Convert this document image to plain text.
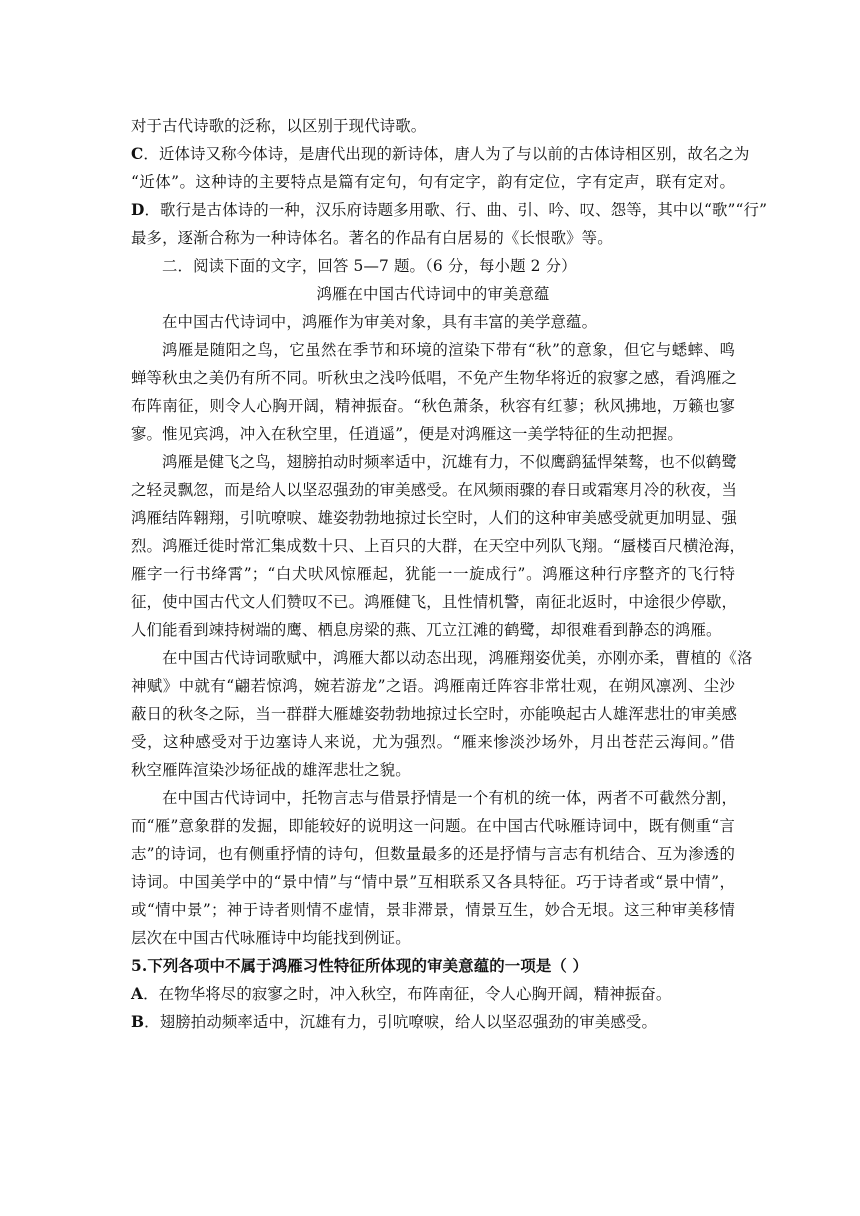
对于古代诗歌的泛称，以区别于现代诗歌。
C．近体诗又称今体诗，是唐代出现的新诗体，唐人为了与以前的古体诗相区别，故名之为
“近体”。这种诗的主要特点是篇有定句，句有定字，韵有定位，字有定声，联有定对。
D．歌行是古体诗的一种，汉乐府诗题多用歌、行、曲、引、吟、叹、怨等，其中以“歌”“行”
最多，逐渐合称为一种诗体名。著名的作品有白居易的《长恨歌》等。
二．阅读下面的文字，回答 5—7 题。（6 分，每小题 2 分）
鸿雁在中国古代诗词中的审美意蕴
在中国古代诗词中，鸿雁作为审美对象，具有丰富的美学意蕴。
鸿雁是随阳之鸟，它虽然在季节和环境的渲染下带有“秋”的意象，但它与蟋蟀、鸣
蝉等秋虫之美仍有所不同。听秋虫之浅吟低唱，不免产生物华将近的寂寥之感，看鸿雁之
布阵南征，则令人心胸开阔，精神振奋。“秋色萧条，秋容有红蓼；秋风拂地，万籁也寥
寥。惟见宾鸿，冲入在秋空里，任逍遥”，便是对鸿雁这一美学特征的生动把握。
鸿雁是健飞之鸟，翅膀拍动时频率适中，沉雄有力，不似鹰鹞猛悍桀骜，也不似鹤鹭
之轻灵飘忽，而是给人以坚忍强劲的审美感受。在风频雨骤的春日或霜寒月冷的秋夜，当
鸿雁结阵翱翔，引吭嘹唳、雄姿勃勃地掠过长空时，人们的这种审美感受就更加明显、强
烈。鸿雁迁徙时常汇集成数十只、上百只的大群，在天空中列队飞翔。“蜃楼百尺横沧海，
雁字一行书绛霄”；“白犬吠风惊雁起，犹能一一旋成行”。鸿雁这种行序整齐的飞行特
征，使中国古代文人们赞叹不已。鸿雁健飞，且性情机警，南征北返时，中途很少停歇，
人们能看到竦持树端的鹰、栖息房梁的燕、兀立江滩的鹤鹭，却很难看到静态的鸿雁。
在中国古代诗词歌赋中，鸿雁大都以动态出现，鸿雁翔姿优美，亦刚亦柔，曹植的《洛
神赋》中就有“翩若惊鸿，婉若游龙”之语。鸿雁南迁阵容非常壮观，在朔风凛冽、尘沙
蔽日的秋冬之际，当一群群大雁雄姿勃勃地掠过长空时，亦能唤起古人雄浑悲壮的审美感
受，这种感受对于边塞诗人来说，尤为强烈。“雁来惨淡沙场外，月出苍茫云海间。”借
秋空雁阵渲染沙场征战的雄浑悲壮之貌。
在中国古代诗词中，托物言志与借景抒情是一个有机的统一体，两者不可截然分割，
而“雁”意象群的发掘，即能较好的说明这一问题。在中国古代咏雁诗词中，既有侧重“言
志”的诗词，也有侧重抒情的诗句，但数量最多的还是抒情与言志有机结合、互为渗透的
诗词。中国美学中的“景中情”与“情中景”互相联系又各具特征。巧于诗者或“景中情”，
或“情中景”；神于诗者则情不虚情，景非滞景，情景互生，妙合无垠。这三种审美移情
层次在中国古代咏雁诗中均能找到例证。
5.下列各项中不属于鸿雁习性特征所体现的审美意蕴的一项是（ ）
A．在物华将尽的寂寥之时，冲入秋空，布阵南征，令人心胸开阔，精神振奋。
B．翅膀拍动频率适中，沉雄有力，引吭嘹唳，给人以坚忍强劲的审美感受。
